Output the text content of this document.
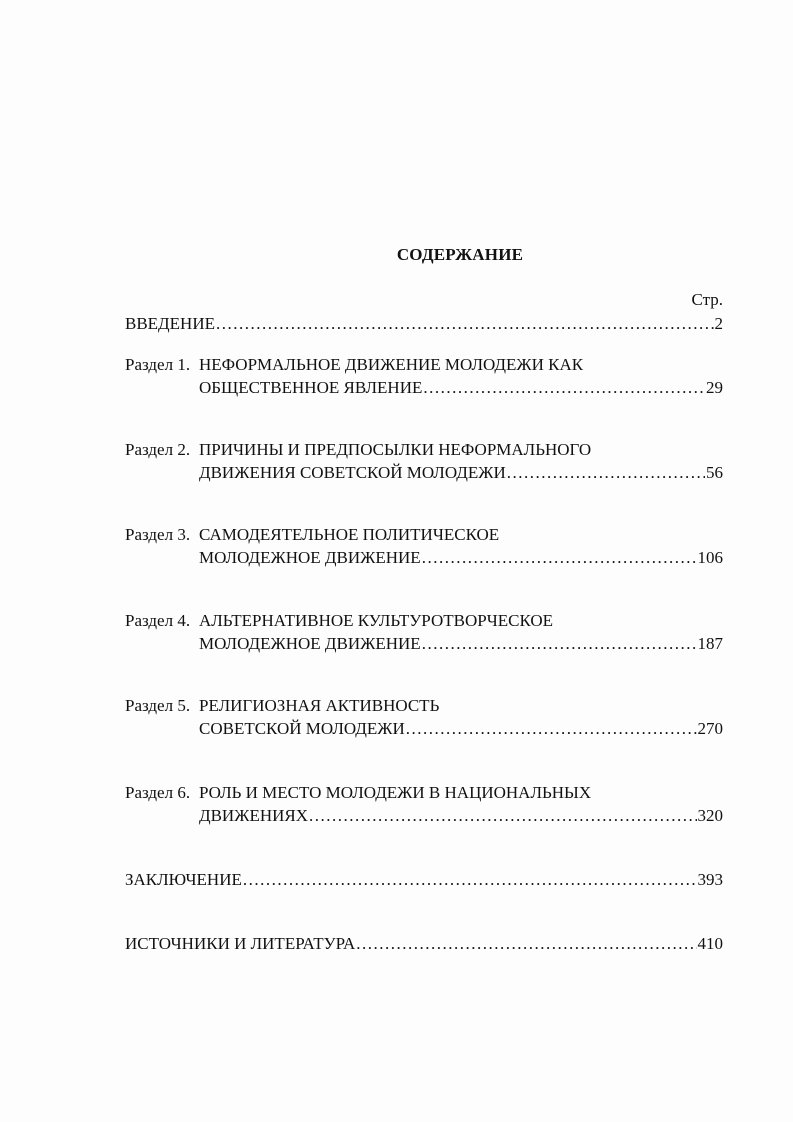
СОДЕРЖАНИЕ
Стр.
ВВЕДЕНИЕ .....	2
Раздел 1. НЕФОРМАЛЬНОЕ ДВИЖЕНИЕ МОЛОДЕЖИ КАК
ОБЩЕСТВЕННОЕ ЯВЛЕНИЕ .....	29
Раздел 2. ПРИЧИНЫ И ПРЕДПОСЫЛКИ НЕФОРМАЛЬНОГО
ДВИЖЕНИЯ СОВЕТСКОЙ МОЛОДЕЖИ .....	56
Раздел 3. САМОДЕЯТЕЛЬНОЕ ПОЛИТИЧЕСКОЕ
МОЛОДЕЖНОЕ ДВИЖЕНИЕ .....	106
Раздел 4. АЛЬТЕРНАТИВНОЕ КУЛЬТУРОТВОРЧЕСКОЕ
МОЛОДЕЖНОЕ ДВИЖЕНИЕ .....	187
Раздел 5. РЕЛИГИОЗНАЯ АКТИВНОСТЬ
СОВЕТСКОЙ МОЛОДЕЖИ .....	270
Раздел 6. РОЛЬ И МЕСТО МОЛОДЕЖИ В НАЦИОНАЛЬНЫХ
ДВИЖЕНИЯХ .....	320
ЗАКЛЮЧЕНИЕ .....	393
ИСТОЧНИКИ И ЛИТЕРАТУРА .....	410
